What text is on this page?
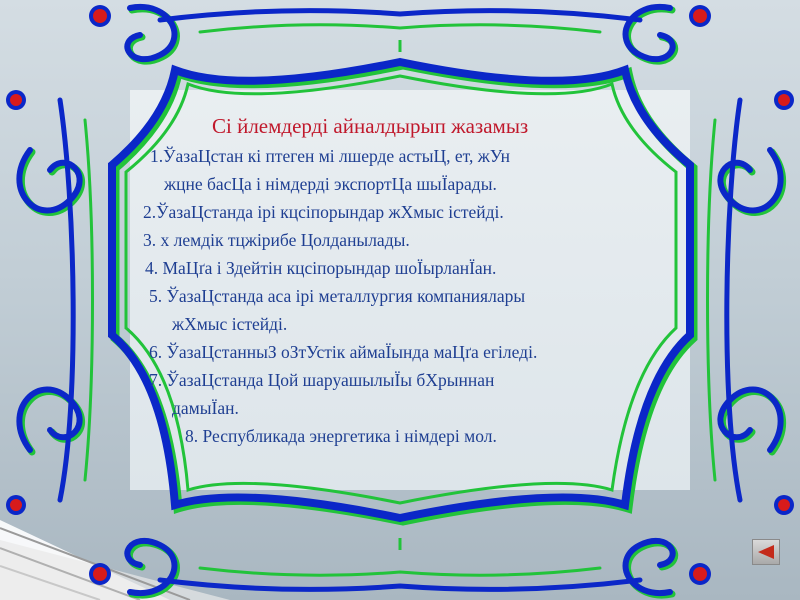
Сі йлемдерді айналдырып жазамыз
1.ЎазаЦстан кі птеген мі лшерде астыЦ, ет, жУн
жцне басЦа і німдерді экспортЦа шыЇарады.
2.ЎазаЦстанда ірі кцсіпорындар жХмыс істейді.
3. х лемдік тцжірибе Цолданылады.
4. МаЦґа і Здейтін кцсіпорындар шоЇырланЇан.
5. ЎазаЦстанда аса ірі металлургия компаниялары
жХмыс істейді.
6. ЎазаЦстанныЗ оЗтУстік аймаЇында маЦґа егіледі.
7. ЎазаЦстанда Цой шаруашылыЇы бХрыннан
дамыЇан.
8. Республикада энергетика і німдері мол.
